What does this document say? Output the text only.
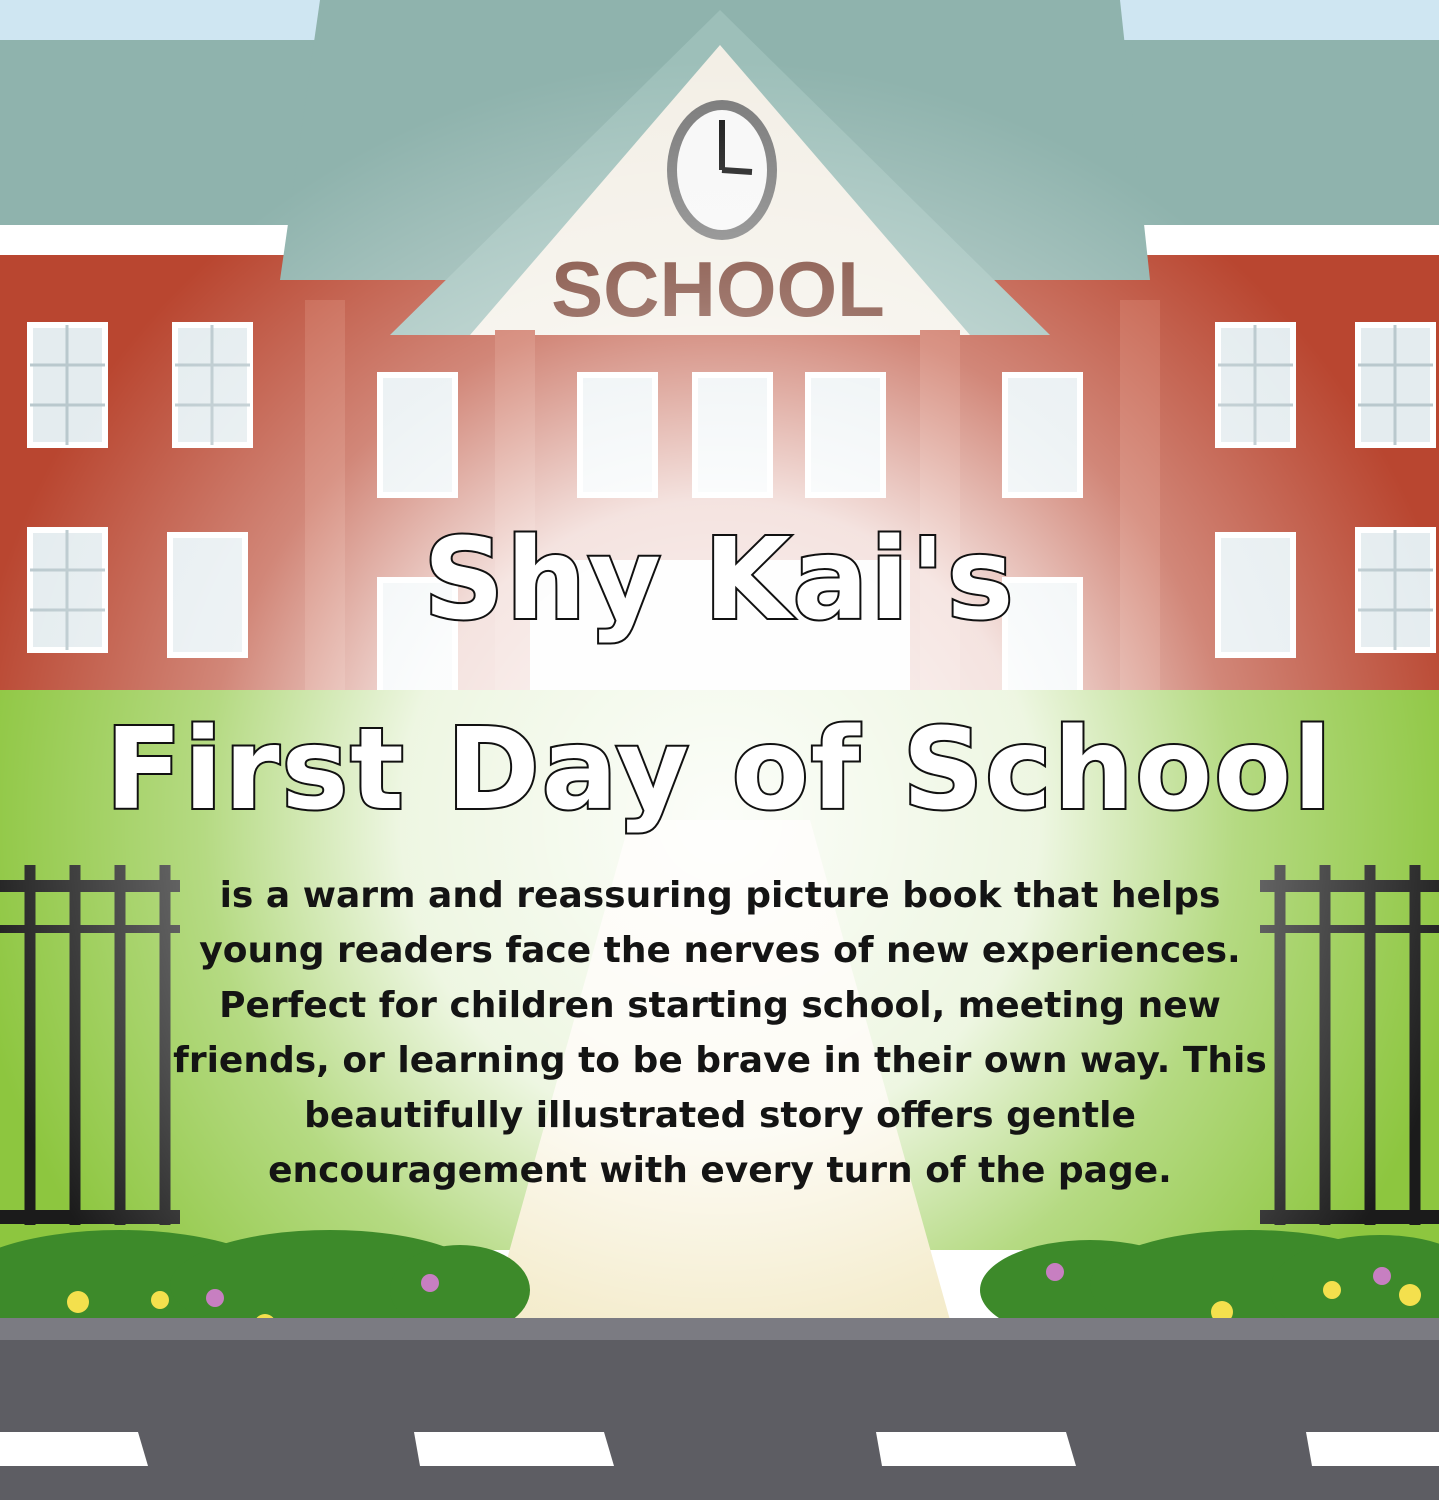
Shy Kai's
First Day of School

is a warm and reassuring picture book that helps young readers face the nerves of new experiences. Perfect for children starting school, meeting new friends, or learning to be brave in their own way. This beautifully illustrated story offers gentle encouragement with every turn of the page.
